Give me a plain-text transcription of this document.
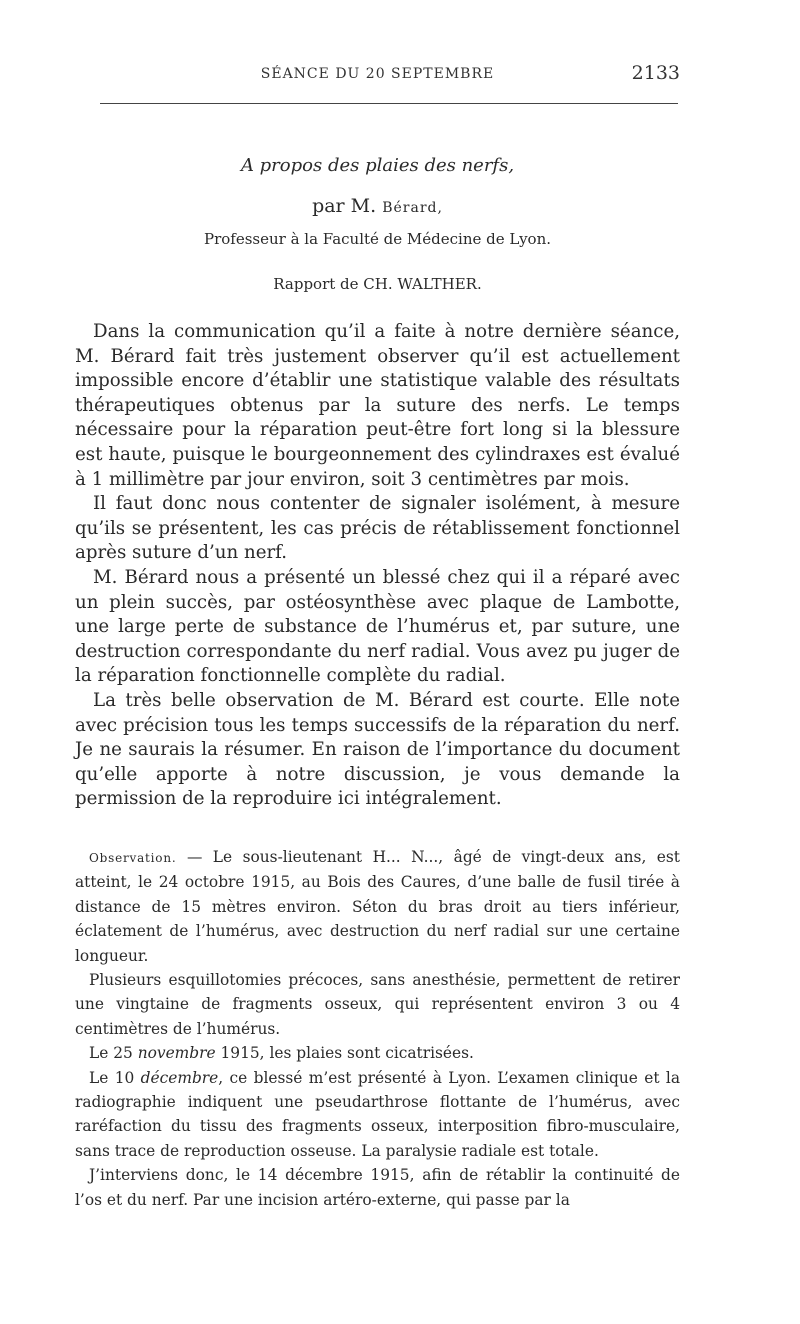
SÉANCE DU 20 SEPTEMBRE	2133
A propos des plaies des nerfs,
par M. Bérard,
Professeur à la Faculté de Médecine de Lyon.
Rapport de CH. WALTHER.

Dans la communication qu’il a faite à notre dernière séance, M. Bérard fait très justement observer qu’il est actuellement impossible encore d’établir une statistique valable des résultats thérapeutiques obtenus par la suture des nerfs. Le temps nécessaire pour la réparation peut-être fort long si la blessure est haute, puisque le bourgeonnement des cylindraxes est évalué à 1 millimètre par jour environ, soit 3 centimètres par mois.

Il faut donc nous contenter de signaler isolément, à mesure qu’ils se présentent, les cas précis de rétablissement fonctionnel après suture d’un nerf.

M. Bérard nous a présenté un blessé chez qui il a réparé avec un plein succès, par ostéosynthèse avec plaque de Lambotte, une large perte de substance de l’humérus et, par suture, une destruction correspondante du nerf radial. Vous avez pu juger de la réparation fonctionnelle complète du radial.

La très belle observation de M. Bérard est courte. Elle note avec précision tous les temps successifs de la réparation du nerf. Je ne saurais la résumer. En raison de l’importance du document qu’elle apporte à notre discussion, je vous demande la permission de la reproduire ici intégralement.

Observation. — Le sous-lieutenant H... N..., âgé de vingt-deux ans, est atteint, le 24 octobre 1915, au Bois des Caures, d’une balle de fusil tirée à distance de 15 mètres environ. Séton du bras droit au tiers inférieur, éclatement de l’humérus, avec destruction du nerf radial sur une certaine longueur.

Plusieurs esquillotomies précoces, sans anesthésie, permettent de retirer une vingtaine de fragments osseux, qui représentent environ 3 ou 4 centimètres de l’humérus.

Le 25 novembre 1915, les plaies sont cicatrisées.

Le 10 décembre, ce blessé m’est présenté à Lyon. L’examen clinique et la radiographie indiquent une pseudarthrose flottante de l’humérus, avec raréfaction du tissu des fragments osseux, interposition fibro-musculaire, sans trace de reproduction osseuse. La paralysie radiale est totale.

J’interviens donc, le 14 décembre 1915, afin de rétablir la continuité de l’os et du nerf. Par une incision artéro-externe, qui passe par la
